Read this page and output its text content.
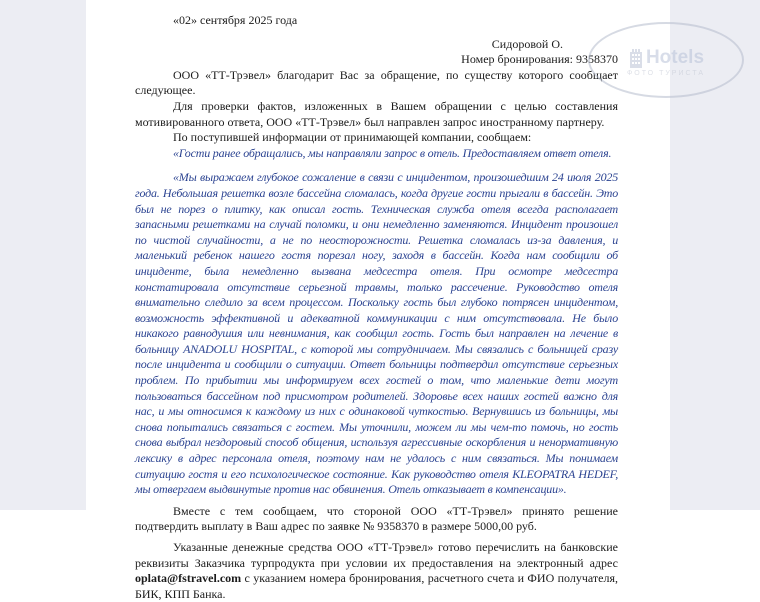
«02» сентября 2025 года

Сидоровой О.
Номер бронирования: 9358370

ООО «ТТ-Трэвел» благодарит Вас за обращение, по существу которого сообщает следующее.

Для проверки фактов, изложенных в Вашем обращении с целью составления мотивированного ответа, ООО «ТТ-Трэвел» был направлен запрос иностранному партнеру.

По поступившей информации от принимающей компании, сообщаем:

«Гости ранее обращались, мы направляли запрос в отель. Предоставляем ответ отеля.

«Мы выражаем глубокое сожаление в связи с инцидентом, произошедшим 24 июля 2025 года. Небольшая решетка возле бассейна сломалась, когда другие гости прыгали в бассейн. Это был не порез о плитку, как описал гость. Техническая служба отеля всегда располагает запасными решетками на случай поломки, и они немедленно заменяются. Инцидент произошел по чистой случайности, а не по неосторожности. Решетка сломалась из-за давления, и маленький ребенок нашего гостя порезал ногу, заходя в бассейн. Когда нам сообщили об инциденте, была немедленно вызвана медсестра отеля. При осмотре медсестра констатировала отсутствие серьезной травмы, только рассечение. Руководство отеля внимательно следило за всем процессом. Поскольку гость был глубоко потрясен инцидентом, возможность эффективной и адекватной коммуникации с ним отсутствовала. Не было никакого равнодушия или невнимания, как сообщил гость. Гость был направлен на лечение в больницу ANADOLU HOSPITAL, с которой мы сотрудничаем. Мы связались с больницей сразу после инцидента и сообщили о ситуации. Ответ больницы подтвердил отсутствие серьезных проблем. По прибытии мы информируем всех гостей о том, что маленькие дети могут пользоваться бассейном под присмотром родителей. Здоровье всех наших гостей важно для нас, и мы относимся к каждому из них с одинаковой чуткостью. Вернувшись из больницы, мы снова попытались связаться с гостем. Мы уточнили, можем ли мы чем-то помочь, но гость снова выбрал нездоровый способ общения, используя агрессивные оскорбления и ненормативную лексику в адрес персонала отеля, поэтому нам не удалось с ним связаться. Мы понимаем ситуацию гостя и его психологическое состояние. Как руководство отеля KLEOPATRA HEDEF, мы отвергаем выдвинутые против нас обвинения. Отель отказывает в компенсации».

Вместе с тем сообщаем, что стороной ООО «ТТ-Трэвел» принято решение подтвердить выплату в Ваш адрес по заявке № 9358370 в размере 5000,00 руб.

Указанные денежные средства ООО «ТТ-Трэвел» готово перечислить на банковские реквизиты Заказчика турпродукта при условии их предоставления на электронный адрес oplata@fstravel.com с указанием номера бронирования, расчетного счета и ФИО получателя, БИК, КПП Банка.

Hotels
ФОТО ТУРИСТА
